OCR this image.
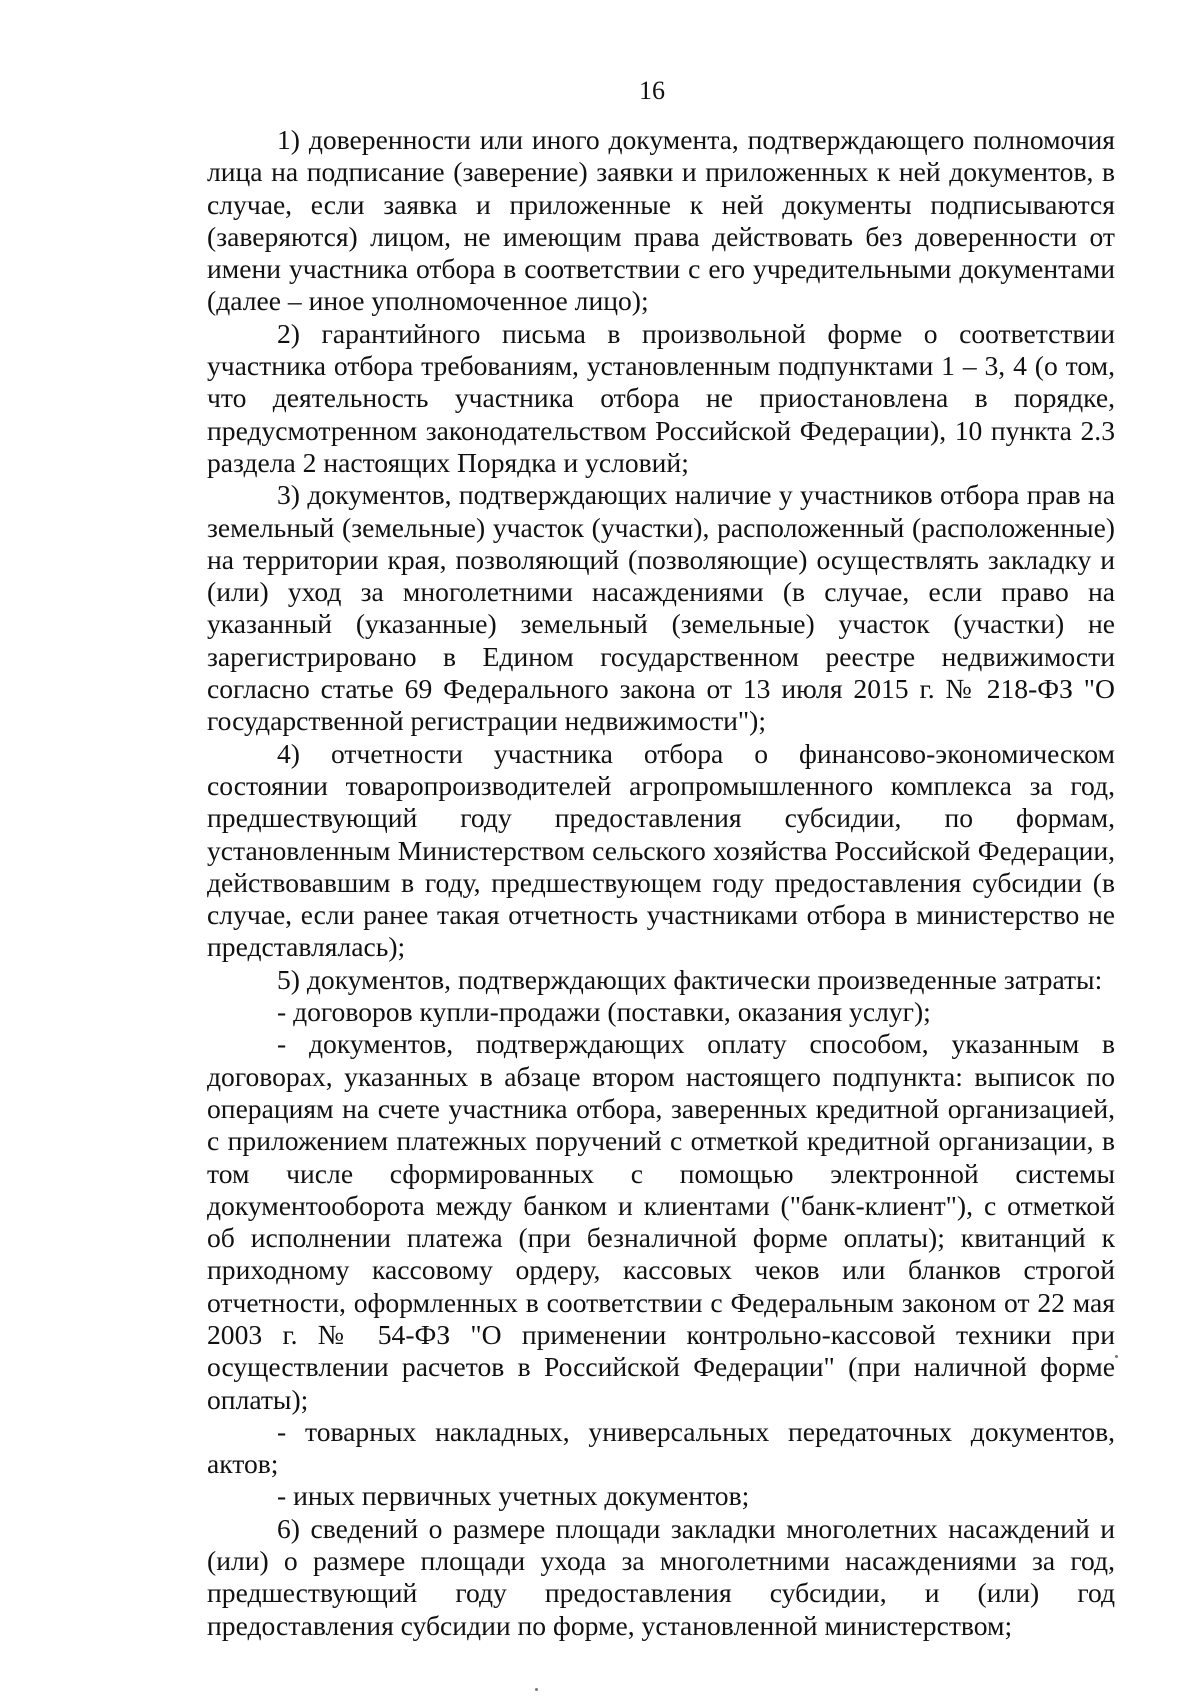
16

1) доверенности или иного документа, подтверждающего полномочия лица на подписание (заверение) заявки и приложенных к ней документов, в случае, если заявка и приложенные к ней документы подписываются (заверяются) лицом, не имеющим права действовать без доверенности от имени участника отбора в соответствии с его учредительными документами (далее – иное уполномоченное лицо);

2) гарантийного письма в произвольной форме о соответствии участника отбора требованиям, установленным подпунктами 1 – 3, 4 (о том, что деятельность участника отбора не приостановлена в порядке, предусмотренном законодательством Российской Федерации), 10 пункта 2.3 раздела 2 настоящих Порядка и условий;

3) документов, подтверждающих наличие у участников отбора прав на земельный (земельные) участок (участки), расположенный (расположенные) на территории края, позволяющий (позволяющие) осуществлять закладку и (или) уход за многолетними насаждениями (в случае, если право на указанный (указанные) земельный (земельные) участок (участки) не зарегистрировано в Едином государственном реестре недвижимости согласно статье 69 Федерального закона от 13 июля 2015 г. № 218-ФЗ "О государственной регистрации недвижимости");

4) отчетности участника отбора о финансово-экономическом состоянии товаропроизводителей агропромышленного комплекса за год, предшествующий году предоставления субсидии, по формам, установленным Министерством сельского хозяйства Российской Федерации, действовавшим в году, предшествующем году предоставления субсидии (в случае, если ранее такая отчетность участниками отбора в министерство не представлялась);

5) документов, подтверждающих фактически произведенные затраты:

- договоров купли-продажи (поставки, оказания услуг);

- документов, подтверждающих оплату способом, указанным в договорах, указанных в абзаце втором настоящего подпункта: выписок по операциям на счете участника отбора, заверенных кредитной организацией, с приложением платежных поручений с отметкой кредитной организации, в том числе сформированных с помощью электронной системы документооборота между банком и клиентами ("банк-клиент"), с отметкой об исполнении платежа (при безналичной форме оплаты); квитанций к приходному кассовому ордеру, кассовых чеков или бланков строгой отчетности, оформленных в соответствии с Федеральным законом от 22 мая 2003 г. № 54-ФЗ "О применении контрольно-кассовой техники при осуществлении расчетов в Российской Федерации" (при наличной форме оплаты);

- товарных накладных, универсальных передаточных документов, актов;

- иных первичных учетных документов;

6) сведений о размере площади закладки многолетних насаждений и (или) о размере площади ухода за многолетними насаждениями за год, предшествующий году предоставления субсидии, и (или) год предоставления субсидии по форме, установленной министерством;
